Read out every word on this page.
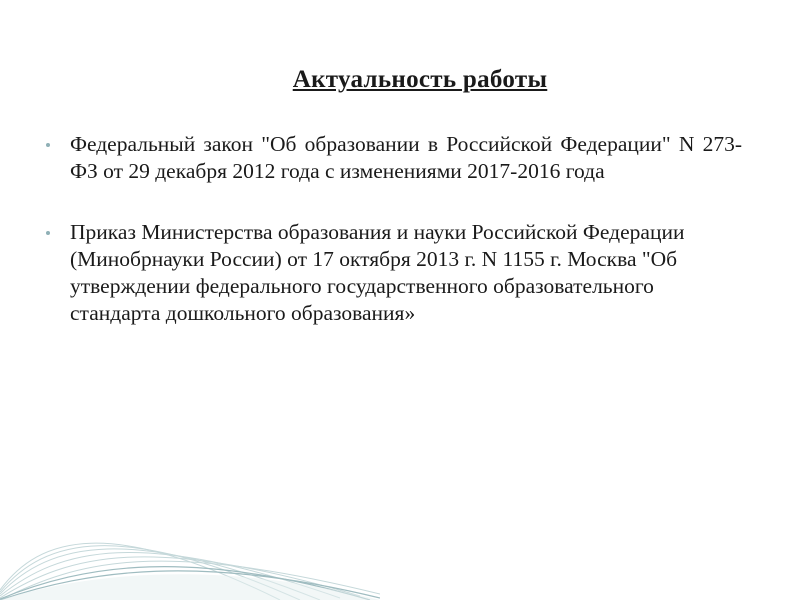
Актуальность работы
Федеральный закон "Об образовании в Российской Федерации" N 273-ФЗ от 29 декабря 2012 года с изменениями 2017-2016 года
Приказ Министерства образования и науки Российской Федерации (Минобрнауки России) от 17 октября 2013 г. N 1155 г. Москва "Об утверждении федерального государственного образовательного стандарта дошкольного образования»
